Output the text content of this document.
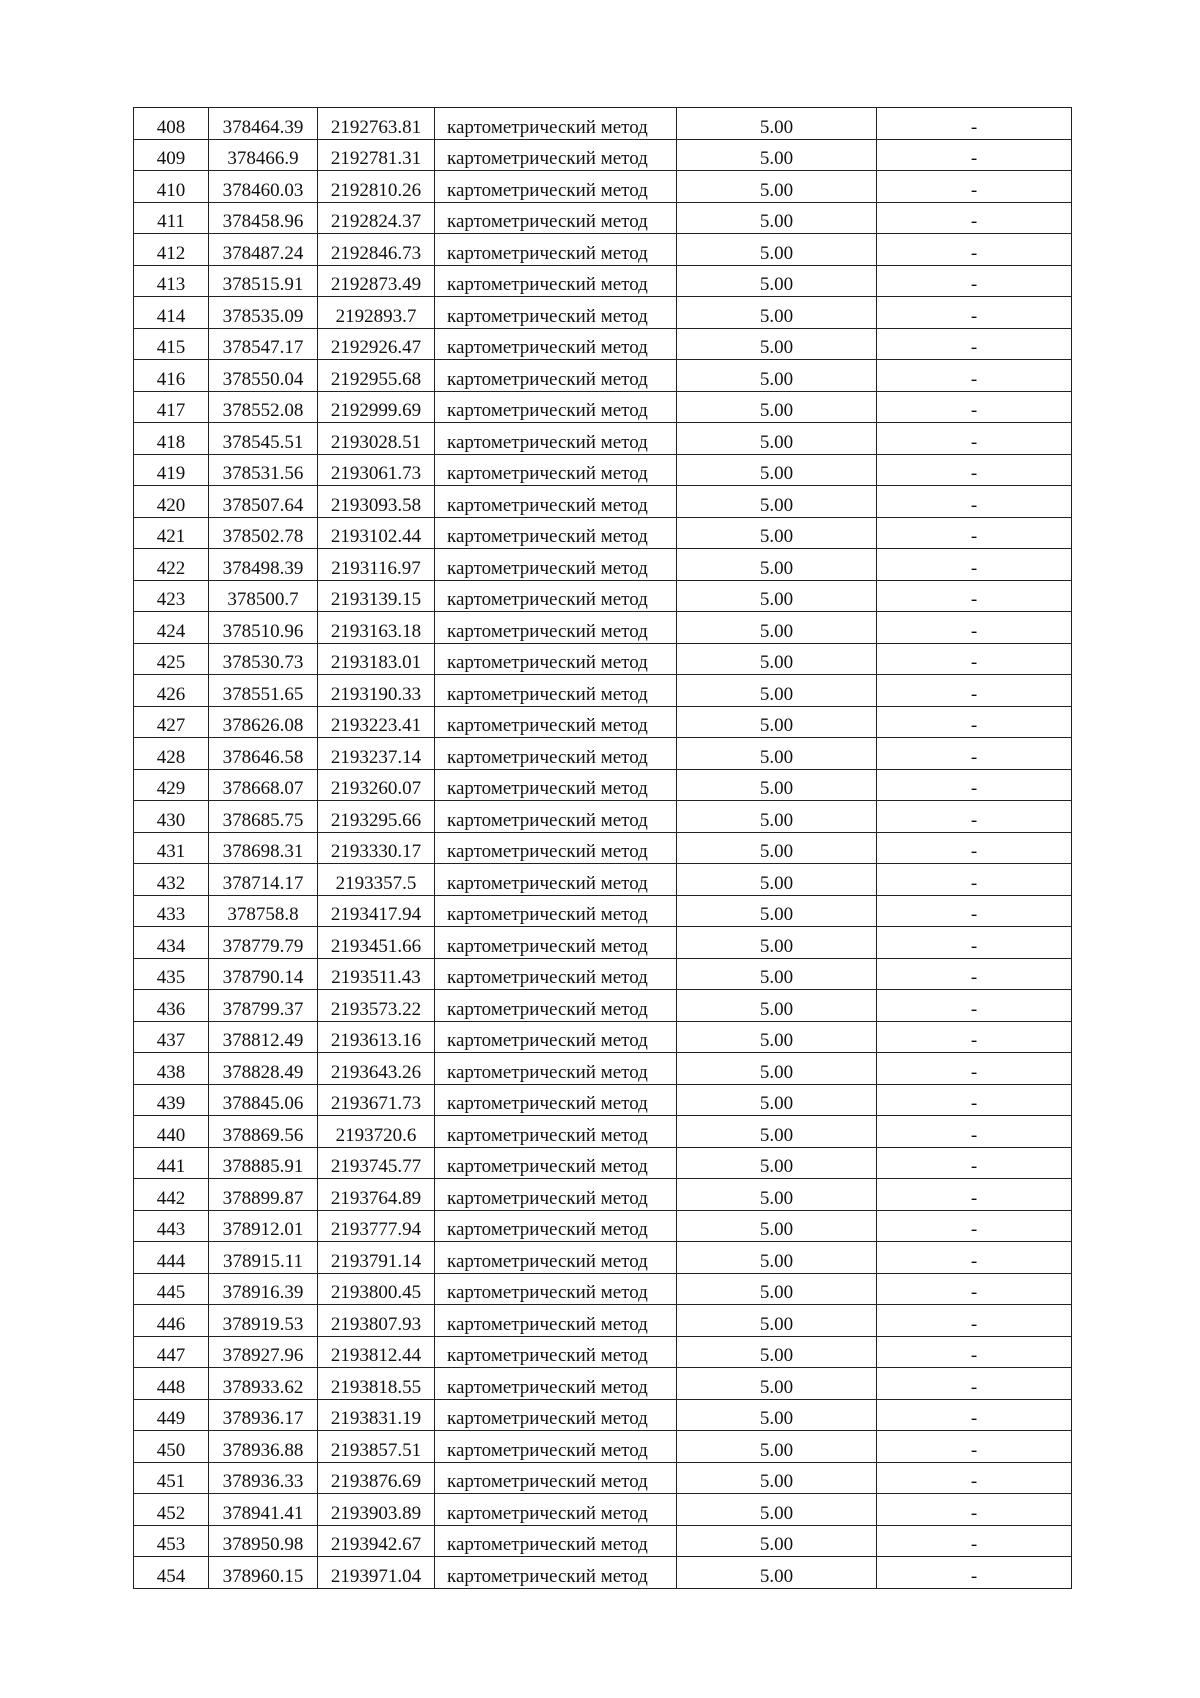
408	378464.39	2192763.81	картометрический метод	5.00	-

409	378466.9	2192781.31	картометрический метод	5.00	-

410	378460.03	2192810.26	картометрический метод	5.00	-

411	378458.96	2192824.37	картометрический метод	5.00	-

412	378487.24	2192846.73	картометрический метод	5.00	-

413	378515.91	2192873.49	картометрический метод	5.00	-

414	378535.09	2192893.7	картометрический метод	5.00	-

415	378547.17	2192926.47	картометрический метод	5.00	-

416	378550.04	2192955.68	картометрический метод	5.00	-

417	378552.08	2192999.69	картометрический метод	5.00	-

418	378545.51	2193028.51	картометрический метод	5.00	-

419	378531.56	2193061.73	картометрический метод	5.00	-

420	378507.64	2193093.58	картометрический метод	5.00	-

421	378502.78	2193102.44	картометрический метод	5.00	-

422	378498.39	2193116.97	картометрический метод	5.00	-

423	378500.7	2193139.15	картометрический метод	5.00	-

424	378510.96	2193163.18	картометрический метод	5.00	-

425	378530.73	2193183.01	картометрический метод	5.00	-

426	378551.65	2193190.33	картометрический метод	5.00	-

427	378626.08	2193223.41	картометрический метод	5.00	-

428	378646.58	2193237.14	картометрический метод	5.00	-

429	378668.07	2193260.07	картометрический метод	5.00	-

430	378685.75	2193295.66	картометрический метод	5.00	-

431	378698.31	2193330.17	картометрический метод	5.00	-

432	378714.17	2193357.5	картометрический метод	5.00	-

433	378758.8	2193417.94	картометрический метод	5.00	-

434	378779.79	2193451.66	картометрический метод	5.00	-

435	378790.14	2193511.43	картометрический метод	5.00	-

436	378799.37	2193573.22	картометрический метод	5.00	-

437	378812.49	2193613.16	картометрический метод	5.00	-

438	378828.49	2193643.26	картометрический метод	5.00	-

439	378845.06	2193671.73	картометрический метод	5.00	-

440	378869.56	2193720.6	картометрический метод	5.00	-

441	378885.91	2193745.77	картометрический метод	5.00	-

442	378899.87	2193764.89	картометрический метод	5.00	-

443	378912.01	2193777.94	картометрический метод	5.00	-

444	378915.11	2193791.14	картометрический метод	5.00	-

445	378916.39	2193800.45	картометрический метод	5.00	-

446	378919.53	2193807.93	картометрический метод	5.00	-

447	378927.96	2193812.44	картометрический метод	5.00	-

448	378933.62	2193818.55	картометрический метод	5.00	-

449	378936.17	2193831.19	картометрический метод	5.00	-

450	378936.88	2193857.51	картометрический метод	5.00	-

451	378936.33	2193876.69	картометрический метод	5.00	-

452	378941.41	2193903.89	картометрический метод	5.00	-

453	378950.98	2193942.67	картометрический метод	5.00	-

454	378960.15	2193971.04	картометрический метод	5.00	-
